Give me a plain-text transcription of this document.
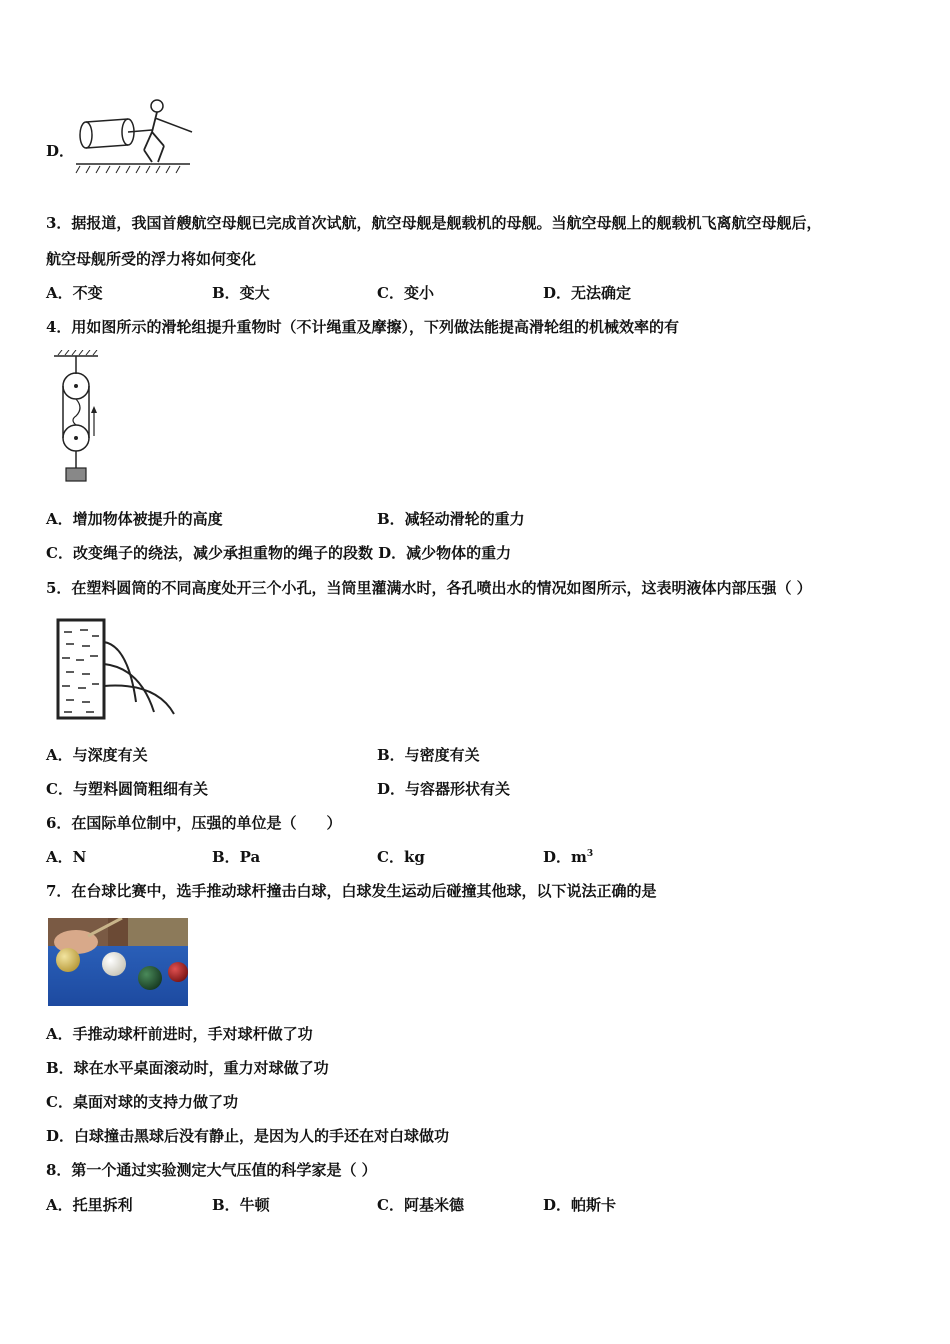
D．
3．据报道，我国首艘航空母舰已完成首次试航，航空母舰是舰载机的母舰。当航空母舰上的舰载机飞离航空母舰后，
航空母舰所受的浮力将如何变化
A．不变	B．变大	C．变小	D．无法确定
4．用如图所示的滑轮组提升重物时（不计绳重及摩擦），下列做法能提高滑轮组的机械效率的有
A．增加物体被提升的高度	B．减轻动滑轮的重力
C．改变绳子的绕法，减少承担重物的绳子的段数 D．减少物体的重力
5．在塑料圆筒的不同高度处开三个小孔，当筒里灌满水时，各孔喷出水的情况如图所示，这表明液体内部压强（ ）
A．与深度有关	B．与密度有关
C．与塑料圆筒粗细有关	D．与容器形状有关
6．在国际单位制中，压强的单位是（　　）
A．N	B．Pa	C．kg	D．$m^3$
7．在台球比赛中，选手推动球杆撞击白球，白球发生运动后碰撞其他球，以下说法正确的是
A．手推动球杆前进时，手对球杆做了功
B．球在水平桌面滚动时，重力对球做了功
C．桌面对球的支持力做了功
D．白球撞击黑球后没有静止，是因为人的手还在对白球做功
8．第一个通过实验测定大气压值的科学家是（ ）
A．托里拆利	B．牛顿	C．阿基米德	D．帕斯卡
